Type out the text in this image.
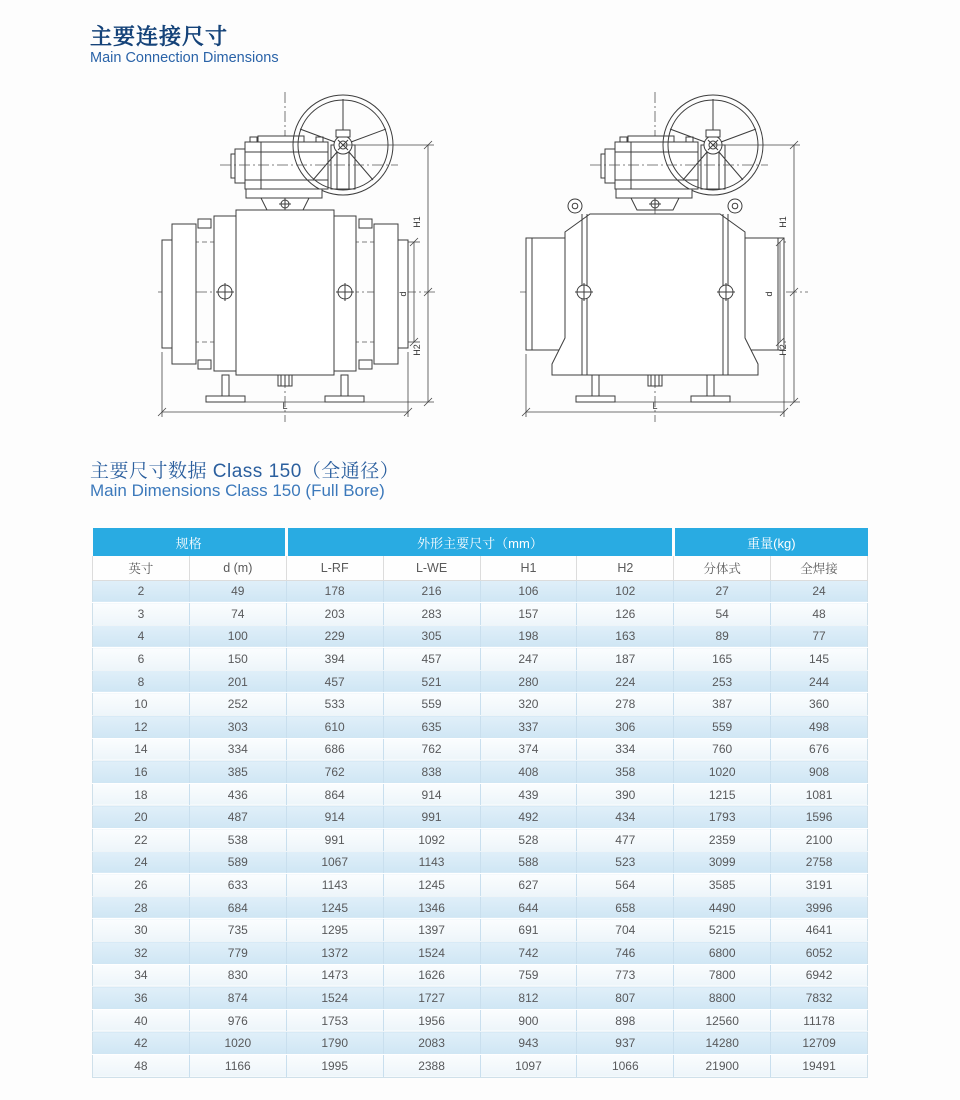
主要连接尺寸
Main Connection Dimensions
H1
d
H2
L
H1
d
H2
L
主要尺寸数据 Class 150（全通径）
Main Dimensions Class 150 (Full Bore)
规格		外形主要尺寸（mm）				重量(kg)	
英寸	d (m)	L-RF	L-WE	H1	H2	分体式	全焊接
2	49	178	216	106	102	27	24
3	74	203	283	157	126	54	48
4	100	229	305	198	163	89	77
6	150	394	457	247	187	165	145
8	201	457	521	280	224	253	244
10	252	533	559	320	278	387	360
12	303	610	635	337	306	559	498
14	334	686	762	374	334	760	676
16	385	762	838	408	358	1020	908
18	436	864	914	439	390	1215	1081
20	487	914	991	492	434	1793	1596
22	538	991	1092	528	477	2359	2100
24	589	1067	1143	588	523	3099	2758
26	633	1143	1245	627	564	3585	3191
28	684	1245	1346	644	658	4490	3996
30	735	1295	1397	691	704	5215	4641
32	779	1372	1524	742	746	6800	6052
34	830	1473	1626	759	773	7800	6942
36	874	1524	1727	812	807	8800	7832
40	976	1753	1956	900	898	12560	11178
42	1020	1790	2083	943	937	14280	12709
48	1166	1995	2388	1097	1066	21900	19491
